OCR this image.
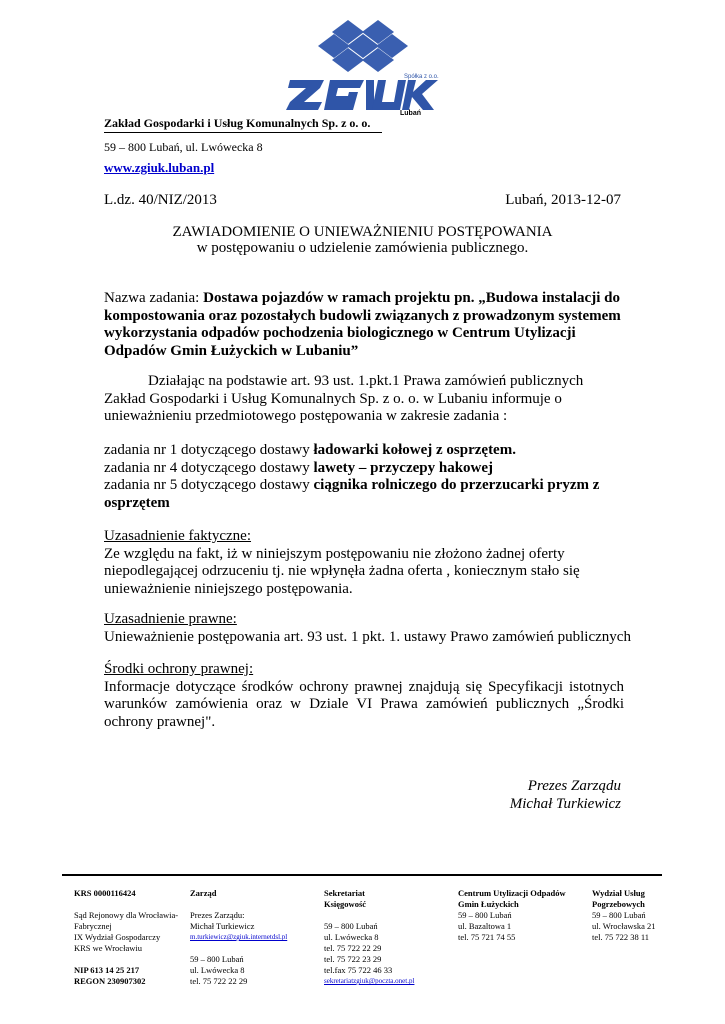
Spółka z o.o.
Lubań
Zakład Gospodarki i Usług Komunalnych Sp. z o. o.
59 – 800 Lubań, ul. Lwówecka 8
www.zgiuk.luban.pl
L.dz. 40/NIZ/2013	Lubań, 2013-12-07
ZAWIADOMIENIE O UNIEWAŻNIENIU POSTĘPOWANIA
w postępowaniu o udzielenie zamówienia publicznego.
Nazwa zadania: Dostawa pojazdów w ramach projektu pn. „Budowa instalacji do kompostowania oraz pozostałych budowli związanych z prowadzonym systemem wykorzystania odpadów pochodzenia biologicznego w Centrum Utylizacji Odpadów Gmin Łużyckich w Lubaniu”
Działając na podstawie art. 93 ust. 1.pkt.1 Prawa zamówień publicznych Zakład Gospodarki i Usług Komunalnych Sp. z o. o. w Lubaniu informuje o unieważnieniu przedmiotowego postępowania w zakresie zadania :
zadania nr 1 dotyczącego dostawy ładowarki kołowej z osprzętem.
zadania nr 4 dotyczącego dostawy lawety – przyczepy hakowej
zadania nr 5 dotyczącego dostawy ciągnika rolniczego do przerzucarki pryzm z
osprzętem
Uzasadnienie faktyczne:
Ze względu na fakt, iż w niniejszym postępowaniu nie złożono żadnej oferty niepodlegającej odrzuceniu tj. nie wpłynęła żadna oferta , koniecznym stało się unieważnienie niniejszego postępowania.
Uzasadnienie prawne:
Unieważnienie postępowania art. 93 ust. 1 pkt. 1. ustawy Prawo zamówień publicznych
Środki ochrony prawnej:
Informacje dotyczące środków ochrony prawnej znajdują się Specyfikacji istotnych warunków zamówienia oraz w Dziale VI Prawa zamówień publicznych „Środki ochrony prawnej".
Prezes Zarządu
Michał Turkiewicz
KRS 0000116424
Sąd Rejonowy dla Wrocławia-
Fabrycznej
IX Wydział Gospodarczy
KRS we Wrocławiu
NIP 613 14 25 217
REGON 230907302
Zarząd
Prezes Zarządu:
Michał Turkiewicz
m.turkiewicz@zgiuk.internetdsl.pl
59 – 800 Lubań
ul. Lwówecka 8
tel. 75 722 22 29
Sekretariat
Księgowość
59 – 800 Lubań
ul. Lwówecka 8
tel. 75 722 22 29
tel. 75 722 23 29
tel.fax 75 722 46 33
sekretariatzgiuk@poczta.onet.pl
Centrum Utylizacji Odpadów
Gmin Łużyckich
59 – 800 Lubań
ul. Bazaltowa 1
tel. 75 721 74 55
Wydział Usług
Pogrzebowych
59 – 800 Lubań
ul. Wrocławska 21
tel. 75 722 38 11
